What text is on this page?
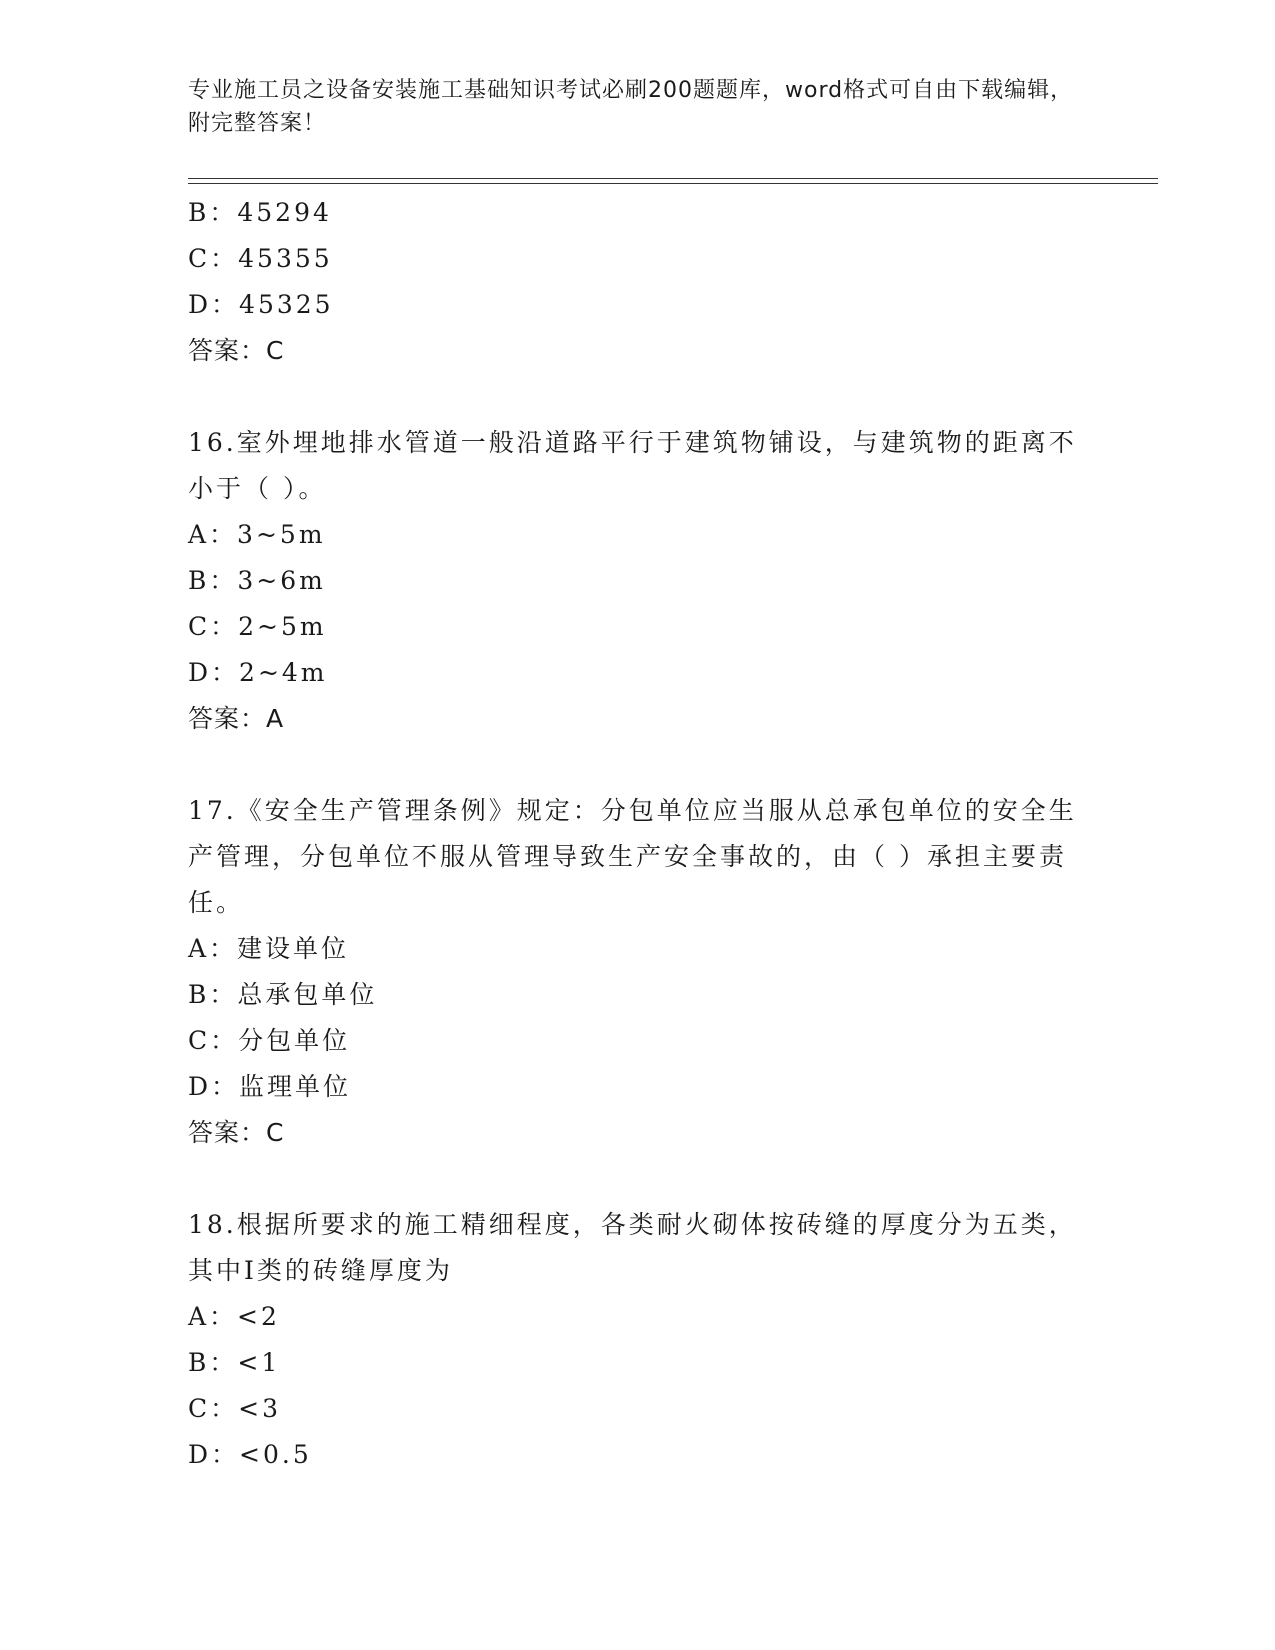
专业施工员之设备安装施工基础知识考试必刷200题题库，word格式可自由下载编辑，附完整答案！
B：45294
C：45355
D：45325
答案：C
16.室外埋地排水管道一般沿道路平行于建筑物铺设，与建筑物的距离不小于（ ）。
A：3~5m
B：3~6m
C：2~5m
D：2~4m
答案：A
17.《安全生产管理条例》规定：分包单位应当服从总承包单位的安全生产管理，分包单位不服从管理导致生产安全事故的，由（ ）承担主要责任。
A：建设单位
B：总承包单位
C：分包单位
D：监理单位
答案：C
18.根据所要求的施工精细程度，各类耐火砌体按砖缝的厚度分为五类，其中Ⅰ类的砖缝厚度为
A：<2
B：<1
C：<3
D：<0.5
